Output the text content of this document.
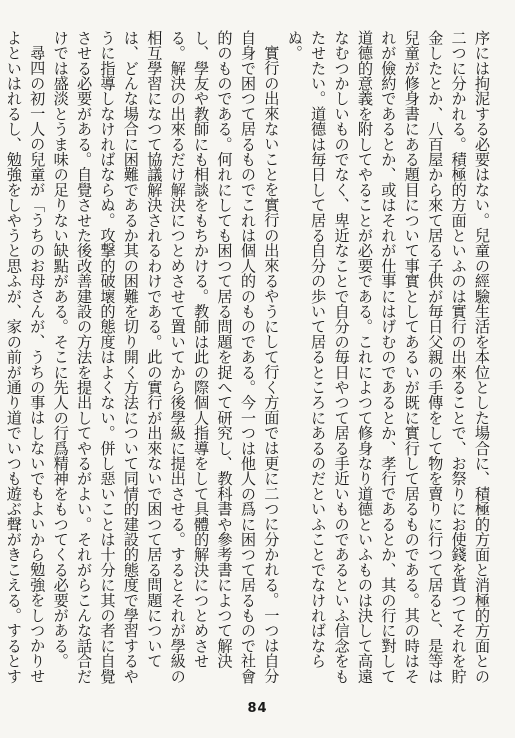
序には拘泥する必要はない。兒童の經驗生活を本位とした場合に、積極的方面と消極的方面との二つに分かれる。積極的方面といふのは實行の出來ることで、お祭りにお使錢を貰つてそれを貯金したとか、八百屋から來て居る子供が毎日父親の手傳をして物を賣りに行つて居ると、是等は兒童が修身書にある題目について事實としてあるいが既に實行して居るものである。其の時はそれが儉約であるとか、或はそれが仕事にはげむのであるとか、孝行であるとか、其の行に對して道德的意義を附してやることが必要である。これによつて修身なり道德といふものは決して高遠なむつかしいものでなく、卑近なことで自分の毎日やつて居る手近いものであるといふ信念をもたせたい。道德は毎日して居る自分の歩いて居るところにあるのだといふことでなければならぬ。

實行の出來ないことを實行の出來るやうにして行く方面では更に二つに分かれる。一つは自分自身で困つて居るものでこれは個人的のものである。今一つは他人の爲に困つて居るもので社會的のものである。何れにしても困つて居る問題を捉へて研究し、教科書や參考書によつて解決し、學友や教師にも相談をもちかける。教師は此の際個人指導をして具體的解決につとめさせる。解決の出來るだけ解決につとめさせて置いてから後學級に提出させる。するとそれが學級の相互學習になつて協議解決されるわけである。此の實行が出來ないで困つて居る問題については、どんな場合に困難であるか其の困難を切り開く方法について同情的建設的態度で學習するやうに指導しなければならぬ。攻撃的破壞的態度はよくない。併し惡いことは十分に其の者に自覺させる必要がある。自覺させた後改善建設の方法を提出してやるがよい。それがらこんな話合だけでは盛淡とうま味の足りない缺點がある。そこに先人の行爲精神をもつてくる必要がある。

尋四の初一人の兒童が「うちのお母さんが、うちの事はしないでもよいから勉強をしつかりせよといはれるし、勉強をしやうと思ふが、家の前が通り道でいつも遊ぶ聲がきこえる。するとす

84
